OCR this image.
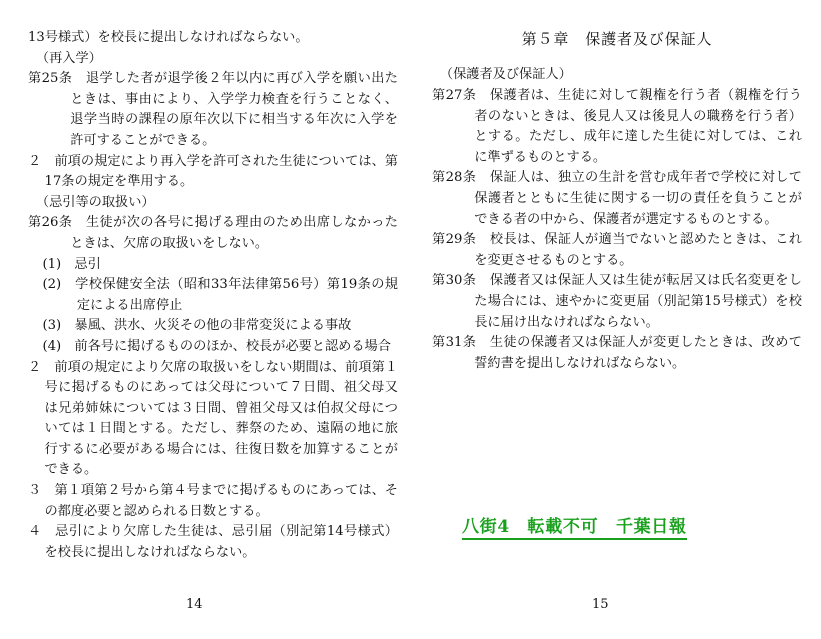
13号様式）を校長に提出しなければならない。

（再入学）

第25条　退学した者が退学後２年以内に再び入学を願い出たときは、事由により、入学学力検査を行うことなく、退学当時の課程の原年次以下に相当する年次に入学を許可することができる。

２　前項の規定により再入学を許可された生徒については、第17条の規定を準用する。

（忌引等の取扱い）

第26条　生徒が次の各号に掲げる理由のため出席しなかったときは、欠席の取扱いをしない。

(1)　忌引

(2)　学校保健安全法（昭和33年法律第56号）第19条の規定による出席停止

(3)　暴風、洪水、火災その他の非常変災による事故

(4)　前各号に掲げるもののほか、校長が必要と認める場合

２　前項の規定により欠席の取扱いをしない期間は、前項第１号に掲げるものにあっては父母について７日間、祖父母又は兄弟姉妹については３日間、曾祖父母又は伯叔父母については１日間とする。ただし、葬祭のため、遠隔の地に旅行するに必要がある場合には、往復日数を加算することができる。

３　第１項第２号から第４号までに掲げるものにあっては、その都度必要と認められる日数とする。

４　忌引により欠席した生徒は、忌引届（別記第14号様式）を校長に提出しなければならない。

第５章　保護者及び保証人

（保護者及び保証人）

第27条　保護者は、生徒に対して親権を行う者（親権を行う者のないときは、後見人又は後見人の職務を行う者）とする。ただし、成年に達した生徒に対しては、これに準ずるものとする。

第28条　保証人は、独立の生計を営む成年者で学校に対して保護者とともに生徒に関する一切の責任を負うことができる者の中から、保護者が選定するものとする。

第29条　校長は、保証人が適当でないと認めたときは、これを変更させるものとする。

第30条　保護者又は保証人又は生徒が転居又は氏名変更をした場合には、速やかに変更届（別記第15号様式）を校長に届け出なければならない。

第31条　生徒の保護者又は保証人が変更したときは、改めて誓約書を提出しなければならない。

八街4　転載不可　千葉日報
14	15
